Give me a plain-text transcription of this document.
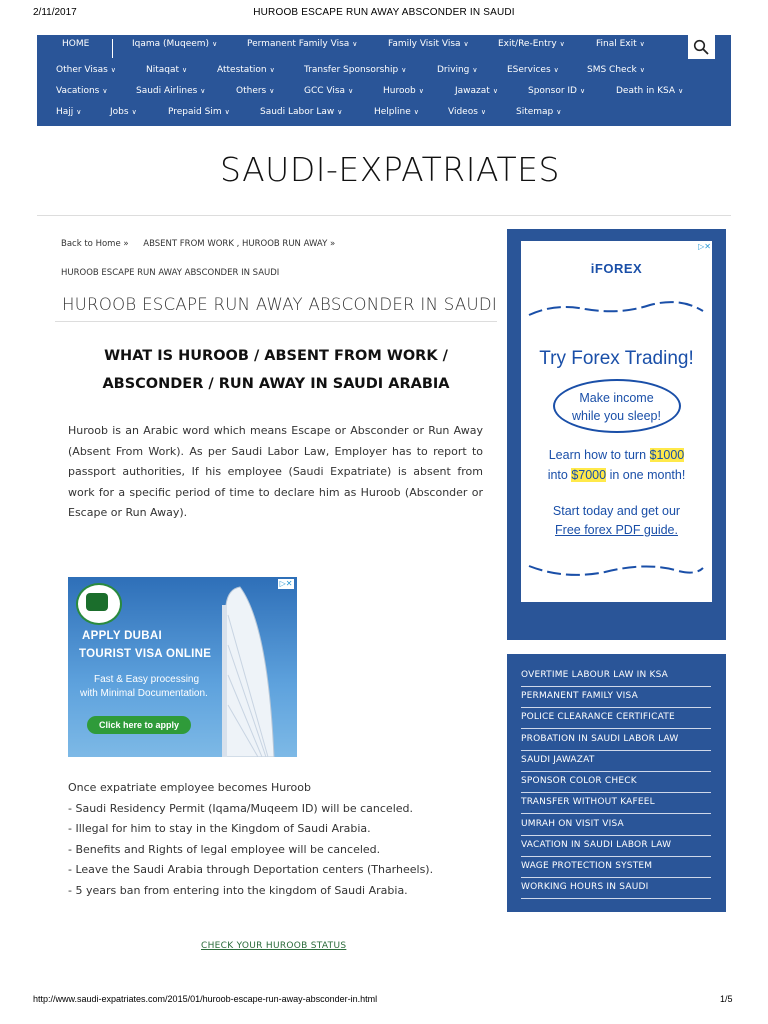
2/11/2017	HUROOB ESCAPE RUN AWAY ABSCONDER IN SAUDI
HOME	Iqama (Muqeem) ∨	Permanent Family Visa ∨	Family Visit Visa ∨	Exit/Re-Entry ∨	Final Exit ∨
Other Visas ∨	Nitaqat ∨	Attestation ∨	Transfer Sponsorship ∨	Driving ∨	EServices ∨	SMS Check ∨
Vacations ∨	Saudi Airlines ∨	Others ∨	GCC Visa ∨	Huroob ∨	Jawazat ∨	Sponsor ID ∨	Death in KSA ∨
Hajj ∨	Jobs ∨	Prepaid Sim ∨	Saudi Labor Law ∨	Helpline ∨	Videos ∨	Sitemap ∨
SAUDI-EXPATRIATES
Back to Home » ABSENT FROM WORK , HUROOB RUN AWAY »
HUROOB ESCAPE RUN AWAY ABSCONDER IN SAUDI
HUROOB ESCAPE RUN AWAY ABSCONDER IN SAUDI
WHAT IS HUROOB / ABSENT FROM WORK /
ABSCONDER / RUN AWAY IN SAUDI ARABIA
Huroob is an Arabic word which means Escape or Absconder or Run Away (Absent From Work). As per Saudi Labor Law, Employer has to report to passport authorities, If his employee (Saudi Expatriate) is absent from work for a specific period of time to declare him as Huroob (Absconder or Escape or Run Away).
▷✕
APPLY DUBAI
TOURIST VISA ONLINE
Fast & Easy processing
with Minimal Documentation.
Click here to apply
Once expatriate employee becomes Huroob
- Saudi Residency Permit (Iqama/Muqeem ID) will be canceled.
- Illegal for him to stay in the Kingdom of Saudi Arabia.
- Benefits and Rights of legal employee will be canceled.
- Leave the Saudi Arabia through Deportation centers (Tharheels).
- 5 years ban from entering into the kingdom of Saudi Arabia.
CHECK YOUR HUROOB STATUS
▷✕
iFOREX
Try Forex Trading!
Make income
while you sleep!
Learn how to turn $1000
into $7000 in one month!
Start today and get our
Free forex PDF guide.
OVERTIME LABOUR LAW IN KSA
PERMANENT FAMILY VISA
POLICE CLEARANCE CERTIFICATE
PROBATION IN SAUDI LABOR LAW
SAUDI JAWAZAT
SPONSOR COLOR CHECK
TRANSFER WITHOUT KAFEEL
UMRAH ON VISIT VISA
VACATION IN SAUDI LABOR LAW
WAGE PROTECTION SYSTEM
WORKING HOURS IN SAUDI
http://www.saudi-expatriates.com/2015/01/huroob-escape-run-away-absconder-in.html	1/5
